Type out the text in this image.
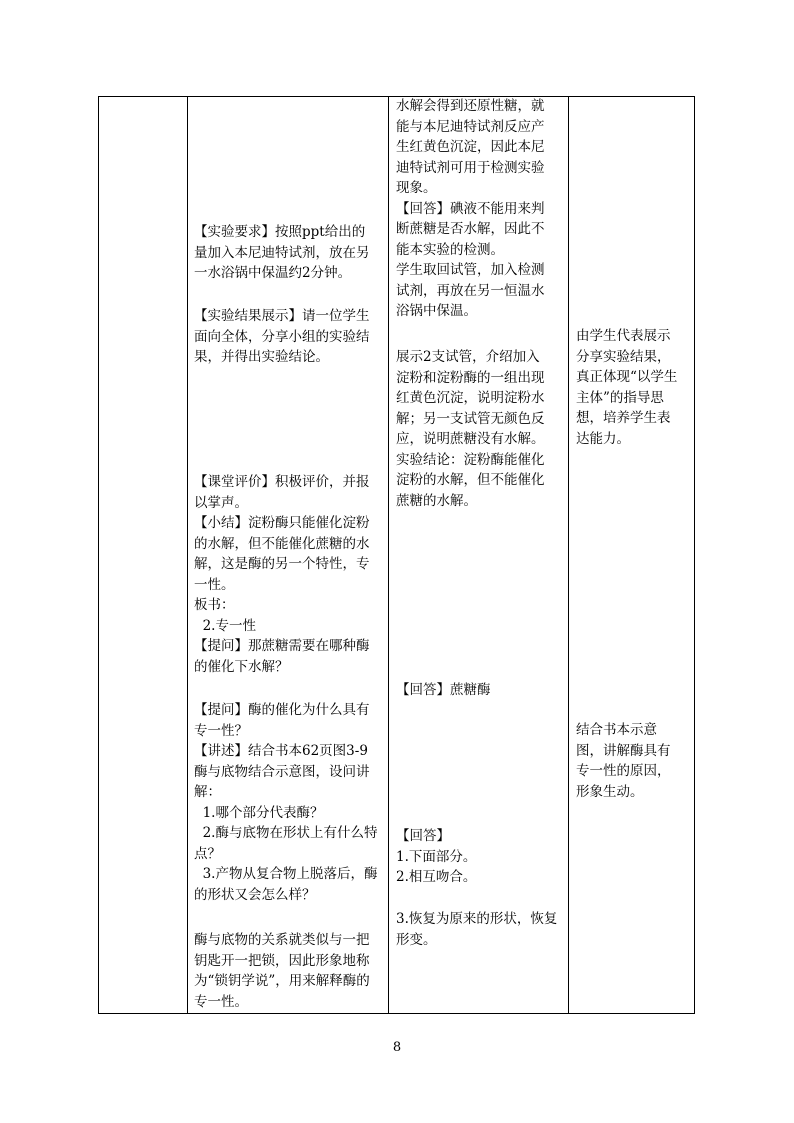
【实验要求】按照ppt给出的
量加入本尼迪特试剂，放在另
一水浴锅中保温约2分钟。
【实验结果展示】请一位学生
面向全体，分享小组的实验结
果，并得出实验结论。
【课堂评价】积极评价，并报
以掌声。
【小结】淀粉酶只能催化淀粉
的水解，但不能催化蔗糖的水
解，这是酶的另一个特性，专
一性。
板书：
2.专一性
【提问】那蔗糖需要在哪种酶
的催化下水解？
【提问】酶的催化为什么具有
专一性？
【讲述】结合书本62页图3-9
酶与底物结合示意图，设问讲
解：
1.哪个部分代表酶？
2.酶与底物在形状上有什么特
点？
3.产物从复合物上脱落后，酶
的形状又会怎么样？
酶与底物的关系就类似与一把
钥匙开一把锁，因此形象地称
为“锁钥学说”，用来解释酶的
专一性。
水解会得到还原性糖，就
能与本尼迪特试剂反应产
生红黄色沉淀，因此本尼
迪特试剂可用于检测实验
现象。
【回答】碘液不能用来判
断蔗糖是否水解，因此不
能本实验的检测。
学生取回试管，加入检测
试剂，再放在另一恒温水
浴锅中保温。
展示2支试管，介绍加入
淀粉和淀粉酶的一组出现
红黄色沉淀，说明淀粉水
解；另一支试管无颜色反
应，说明蔗糖没有水解。
实验结论：淀粉酶能催化
淀粉的水解，但不能催化
蔗糖的水解。
【回答】蔗糖酶
【回答】
1.下面部分。
2.相互吻合。
3.恢复为原来的形状，恢复
形变。
由学生代表展示
分享实验结果，
真正体现“以学生
主体”的指导思
想，培养学生表
达能力。
结合书本示意
图，讲解酶具有
专一性的原因，
形象生动。
8
